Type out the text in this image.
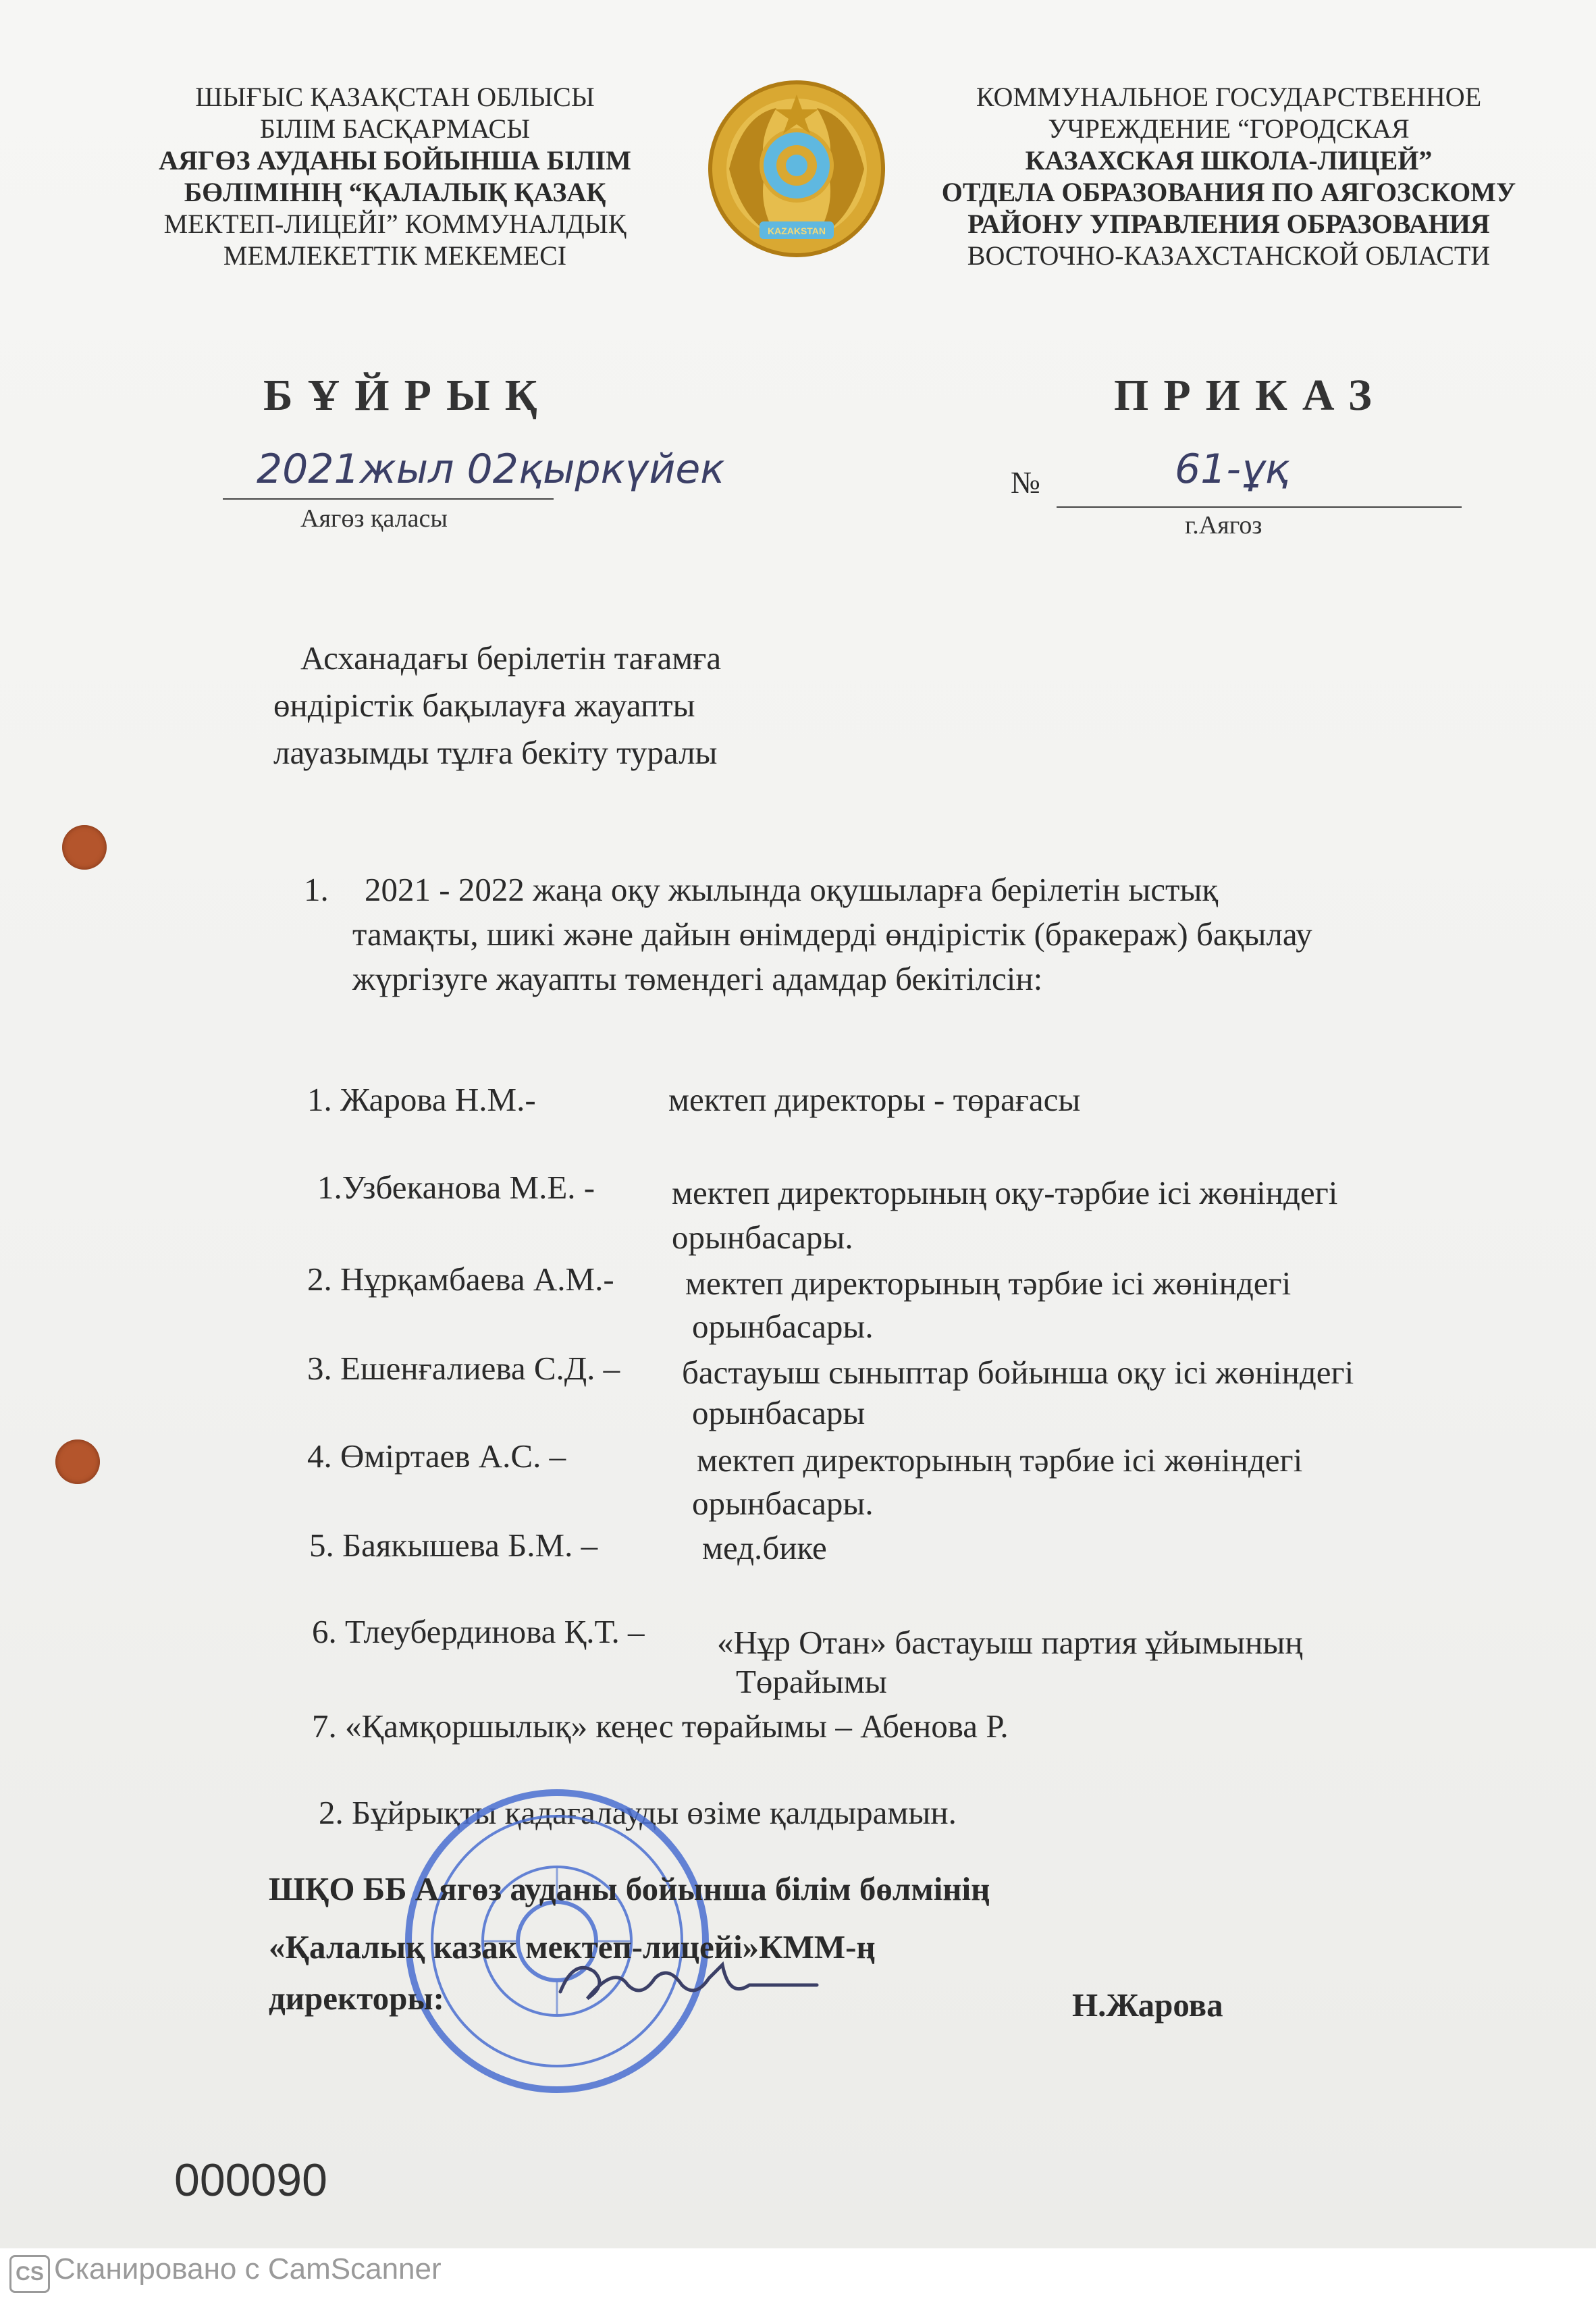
ШЫҒЫС ҚАЗАҚСТАН ОБЛЫСЫ
БІЛІМ БАСҚАРМАСЫ
АЯГӨЗ АУДАНЫ БОЙЫНША БІЛІМ
БӨЛІМІНІҢ “ҚАЛАЛЫҚ ҚАЗАҚ
МЕКТЕП-ЛИЦЕЙІ” КОММУНАЛДЫҚ
МЕМЛЕКЕТТІК МЕКЕМЕСІ
KAZAKSTAN
КОММУНАЛЬНОЕ ГОСУДАРСТВЕННОЕ
УЧРЕЖДЕНИЕ “ГОРОДСКАЯ
КАЗАХСКАЯ ШКОЛА-ЛИЦЕЙ”
ОТДЕЛА ОБРАЗОВАНИЯ ПО АЯГОЗСКОМУ
РАЙОНУ УПРАВЛЕНИЯ ОБРАЗОВАНИЯ
ВОСТОЧНО-КАЗАХСТАНСКОЙ ОБЛАСТИ
БҰЙРЫҚ	ПРИКАЗ
2021жыл 02қыркүйек
Аягөз қаласы
№	61-ұқ
г.Аягоз
Асханадағы берілетін тағамға
өндірістік бақылауға жауапты
лауазымды тұлға бекіту туралы
1. 2021 - 2022 жаңа оқу жылында оқушыларға берілетін ыстық
тамақты, шикі және дайын өнімдерді өндірістік (бракераж) бақылау
жүргізуге жауапты төмендегі адамдар бекітілсін:
1. Жарова Н.М.-	мектеп директоры - төрағасы
1.Узбеканова М.Е. - мектеп директорының оқу-тәрбие ісі жөніндегі
орынбасары.
2. Нұрқамбаева А.М.- мектеп директорының тәрбие ісі жөніндегі
орынбасары.
3. Ешенғалиева С.Д. – бастауыш сыныптар бойынша оқу ісі жөніндегі
орынбасары
4. Өміртаев А.С. –	мектеп директорының тәрбие ісі жөніндегі
орынбасары.
5. Баякышева Б.М. –	мед.бике
6. Тлеубердинова Қ.Т. – «Нұр Отан» бастауыш партия ұйымының
Төрайымы
7. «Қамқоршылық» кеңес төрайымы – Абенова Р.
2. Бұйрықты қадағалауды өзіме қалдырамын.
ШҚО ББ Аягөз ауданы бойынша білім бөлмінің
«Қалалық казак мектеп-лицейі»КММ-ң
директоры:	Н.Жарова
000090
CS Сканировано с CamScanner
